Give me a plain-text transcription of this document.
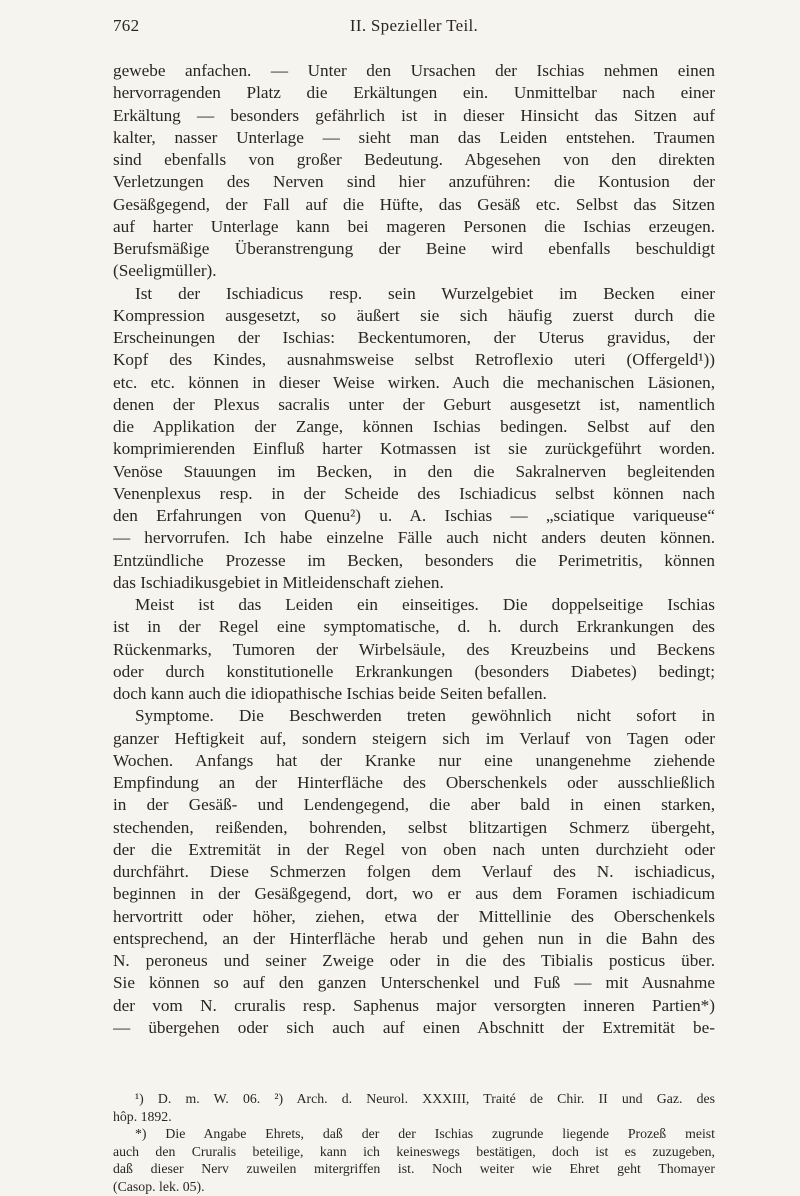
762	II. Spezieller Teil.
gewebe anfachen. — Unter den Ursachen der Ischias nehmen einen
hervorragenden Platz die Erkältungen ein. Unmittelbar nach einer
Erkältung — besonders gefährlich ist in dieser Hinsicht das Sitzen auf
kalter, nasser Unterlage — sieht man das Leiden entstehen. Traumen
sind ebenfalls von großer Bedeutung. Abgesehen von den direkten
Verletzungen des Nerven sind hier anzuführen: die Kontusion der
Gesäßgegend, der Fall auf die Hüfte, das Gesäß etc. Selbst das Sitzen
auf harter Unterlage kann bei mageren Personen die Ischias erzeugen.
Berufsmäßige Überanstrengung der Beine wird ebenfalls beschuldigt
(Seeligmüller).
Ist der Ischiadicus resp. sein Wurzelgebiet im Becken einer
Kompression ausgesetzt, so äußert sie sich häufig zuerst durch die
Erscheinungen der Ischias: Beckentumoren, der Uterus gravidus, der
Kopf des Kindes, ausnahmsweise selbst Retroflexio uteri (Offergeld¹))
etc. etc. können in dieser Weise wirken. Auch die mechanischen Läsionen,
denen der Plexus sacralis unter der Geburt ausgesetzt ist, namentlich
die Applikation der Zange, können Ischias bedingen. Selbst auf den
komprimierenden Einfluß harter Kotmassen ist sie zurückgeführt worden.
Venöse Stauungen im Becken, in den die Sakralnerven begleitenden
Venenplexus resp. in der Scheide des Ischiadicus selbst können nach
den Erfahrungen von Quenu²) u. A. Ischias — „sciatique variqueuse“
— hervorrufen. Ich habe einzelne Fälle auch nicht anders deuten können.
Entzündliche Prozesse im Becken, besonders die Perimetritis, können
das Ischiadikusgebiet in Mitleidenschaft ziehen.
Meist ist das Leiden ein einseitiges. Die doppelseitige Ischias
ist in der Regel eine symptomatische, d. h. durch Erkrankungen des
Rückenmarks, Tumoren der Wirbelsäule, des Kreuzbeins und Beckens
oder durch konstitutionelle Erkrankungen (besonders Diabetes) bedingt;
doch kann auch die idiopathische Ischias beide Seiten befallen.
Symptome. Die Beschwerden treten gewöhnlich nicht sofort in
ganzer Heftigkeit auf, sondern steigern sich im Verlauf von Tagen oder
Wochen. Anfangs hat der Kranke nur eine unangenehme ziehende
Empfindung an der Hinterfläche des Oberschenkels oder ausschließlich
in der Gesäß- und Lendengegend, die aber bald in einen starken,
stechenden, reißenden, bohrenden, selbst blitzartigen Schmerz übergeht,
der die Extremität in der Regel von oben nach unten durchzieht oder
durchfährt. Diese Schmerzen folgen dem Verlauf des N. ischiadicus,
beginnen in der Gesäßgegend, dort, wo er aus dem Foramen ischiadicum
hervortritt oder höher, ziehen, etwa der Mittellinie des Oberschenkels
entsprechend, an der Hinterfläche herab und gehen nun in die Bahn des
N. peroneus und seiner Zweige oder in die des Tibialis posticus über.
Sie können so auf den ganzen Unterschenkel und Fuß — mit Ausnahme
der vom N. cruralis resp. Saphenus major versorgten inneren Partien*)
— übergehen oder sich auch auf einen Abschnitt der Extremität be-
¹) D. m. W. 06. ²) Arch. d. Neurol. XXXIII, Traité de Chir. II und Gaz. des
hôp. 1892.
*) Die Angabe Ehrets, daß der der Ischias zugrunde liegende Prozeß meist
auch den Cruralis beteilige, kann ich keineswegs bestätigen, doch ist es zuzugeben,
daß dieser Nerv zuweilen mitergriffen ist. Noch weiter wie Ehret geht Thomayer
(Casop. lek. 05).
